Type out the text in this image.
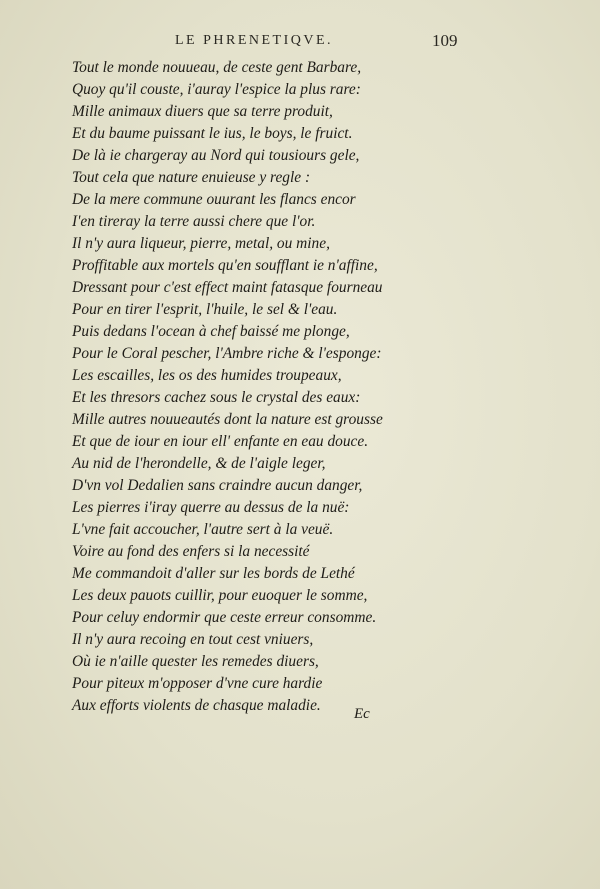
LE PHRENETIQVE.	109
Tout le monde nouueau, de ceste gent Barbare,
Quoy qu'il couste, i'auray l'espice la plus rare:
Mille animaux diuers que sa terre produit,
Et du baume puissant le ius, le boys, le fruict.
De là ie chargeray au Nord qui tousiours gele,
Tout cela que nature enuieuse y regle :
De la mere commune ouurant les flancs encor
I'en tireray la terre aussi chere que l'or.
Il n'y aura liqueur, pierre, metal, ou mine,
Proffitable aux mortels qu'en soufflant ie n'affine,
Dressant pour c'est effect maint fatasque fourneau
Pour en tirer l'esprit, l'huile, le sel & l'eau.
Puis dedans l'ocean à chef baissé me plonge,
Pour le Coral pescher, l'Ambre riche & l'esponge:
Les escailles, les os des humides troupeaux,
Et les thresors cachez sous le crystal des eaux:
Mille autres nouueautés dont la nature est grousse
Et que de iour en iour ell' enfante en eau douce.
Au nid de l'herondelle, & de l'aigle leger,
D'vn vol Dedalien sans craindre aucun danger,
Les pierres i'iray querre au dessus de la nuë:
L'vne fait accoucher, l'autre sert à la veuë.
Voire au fond des enfers si la necessité
Me commandoit d'aller sur les bords de Lethé
Les deux pauots cuillir, pour euoquer le somme,
Pour celuy endormir que ceste erreur consomme.
Il n'y aura recoing en tout cest vniuers,
Où ie n'aille quester les remedes diuers,
Pour piteux m'opposer d'vne cure hardie
Aux efforts violents de chasque maladie.	Ec
